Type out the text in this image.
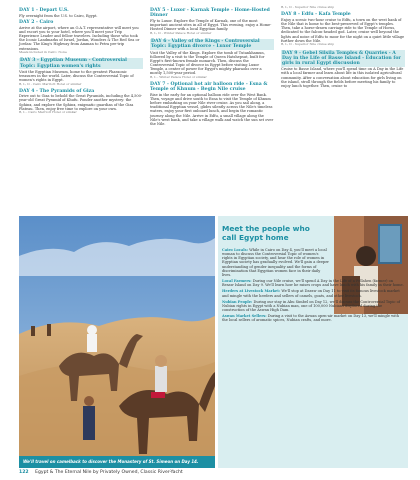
DAY 1 - Depart U.S.
Fly overnight from the U.S. to Cairo, Egypt.
DAY 2 - Cairo
Arrive at the airport, where an O.A.T. representative will meet you and escort you to your hotel, where you'll meet your Trip Experience Leader and fellow travelers. Including those who took the Iconic Landmarks of Israel, Jordan, Wonders & The Red Sea or Jordan: The King's Highway from Amman to Petra pre-trip extensions.
Meals included in Cairo: None
DAY 3 - Egyptian Museum - Controversial Topic: Egyptian women's rights
Visit the Egyptian Museum, home to the greatest Pharaonic treasures in the world. Later, discuss the Controversial Topic of women's rights in Egypt.
B, L, D - Cairo Marriott Hotel or similar
DAY 4 - The Pyramids of Giza
Drive out to Giza to behold the Great Pyramids, including the 4,500-year-old Great Pyramid of Khufu. Ponder another mystery: the Sphinx, and explore the Sphinx, enigmatic guardian of the Giza Plateau. Then, enjoy free time to explore on your own.
B, L - Cairo Marriott Hotel or similar
DAY 5 - Luxor - Karnak Temple - Home-Hosted Dinner
Fly to Luxor. Explore the Temple of Karnak, one of the most important ancient sites in all of Egypt. This evening, enjoy a Home-Hosted Dinner with a local Egyptian family.
B, L, D - Winter Palace Hotel or similar
DAY 6 - Valley of the Kings - Controversial Topic: Egyptian divorce - Luxor Temple
Visit the Valley of the Kings. Explore the tomb of Tutankhamun, followed by a visit to the Temple of Queen Hatshepsut, built for Egypt's first-known female monarch. Then, discuss the Controversial Topic of divorce in Egypt before visiting Luxor Temple, a center of power for Egypt's mighty pharaohs over a mostly 1,500-year period.
B, L - Winter Palace Hotel or similar
DAY 7 - Optional hot air balloon ride - Esna & Temple of Khnum - Begin Nile cruise
Rise in the early for an optional balloon ride over the West Bank. Then, voyage and drive south to Esna to visit the Temple of Khnum before embarking on your Nile river cruise. As you sail along, a traditional Egyptian vessel, glides silently across the Nile's timeless waters, enjoy your first onboard lunch, and begin the romantic journey along the Nile. Arrive in Edfu, a small village along the Nile's west bank, and take a village walk and watch the sun set over the Nile.
B, L, D - Superior Nile cruise ship
DAY 8 - Edfu - Kafa Temple
Enjoy a scenic two-hour cruise to Edfu, a town on the west bank of the Nile that is home to the best-preserved of Egypt's temples. Then, take a horse-drawn carriage ride to the Temple of Horus, dedicated to the falcon-headed god. Later, cruise well beyond the lights and noise of Edfu to moor for the night on a quiet little village further down the Nile.
B, L, D - Superior Nile cruise ship
DAY 9 - Gebel Silsila Temples & Quarries - A Day in the Life of Basse Island - Education for girls in rural Egypt discussion
Cruise to Basse Island, where you'll spend time on A Day in the Life with a local farmer and learn about life in this isolated agricultural community. After a conversation about education for girls living on the island, stroll through the fields before meeting his family to enjoy lunch together. Then, cruise to
We'll travel on camelback to discover the Monastery of St. Simeon on Day 14.
Meet the people who call Egypt home

Cairo Locals: While in Cairo on Day 4, you'll meet a local woman to discuss the Controversial Topic of women's rights in Egyptian society, and hear the role of women in Egyptian society has gradually evolved. We'll gain a deeper understanding of gender inequality and the forms of discrimination that Egyptian women face in their daily lives.

Local Farmers: During our Nile cruise, we'll spend A Day in the Life of a Fellahen (farmer) on Besaw Island on Day 9. We'll learn how he raises crops and have lunch with his family in their home.

Herders at Livestock Market: We'll stop at Daraw on Day 11 to visit its famous livestock market and mingle with the herders and sellers of camels, goats, and other livestock.

Nubian People: During our stay in Abu Simbel on Day 12, we'll discuss the Controversial Topic of Nubian rights in Egypt with a Nubian man, one of 100,000 Nubians displaced during the construction of the Aswan High Dam.

Aswan Market Sellers: During a visit to the Aswan open-air market on Day 13, we'll mingle with the local sellers of aromatic spices, Nubian crafts, and more.

122 Egypt & The Eternal Nile by Privately Owned, Classic River-Yacht
